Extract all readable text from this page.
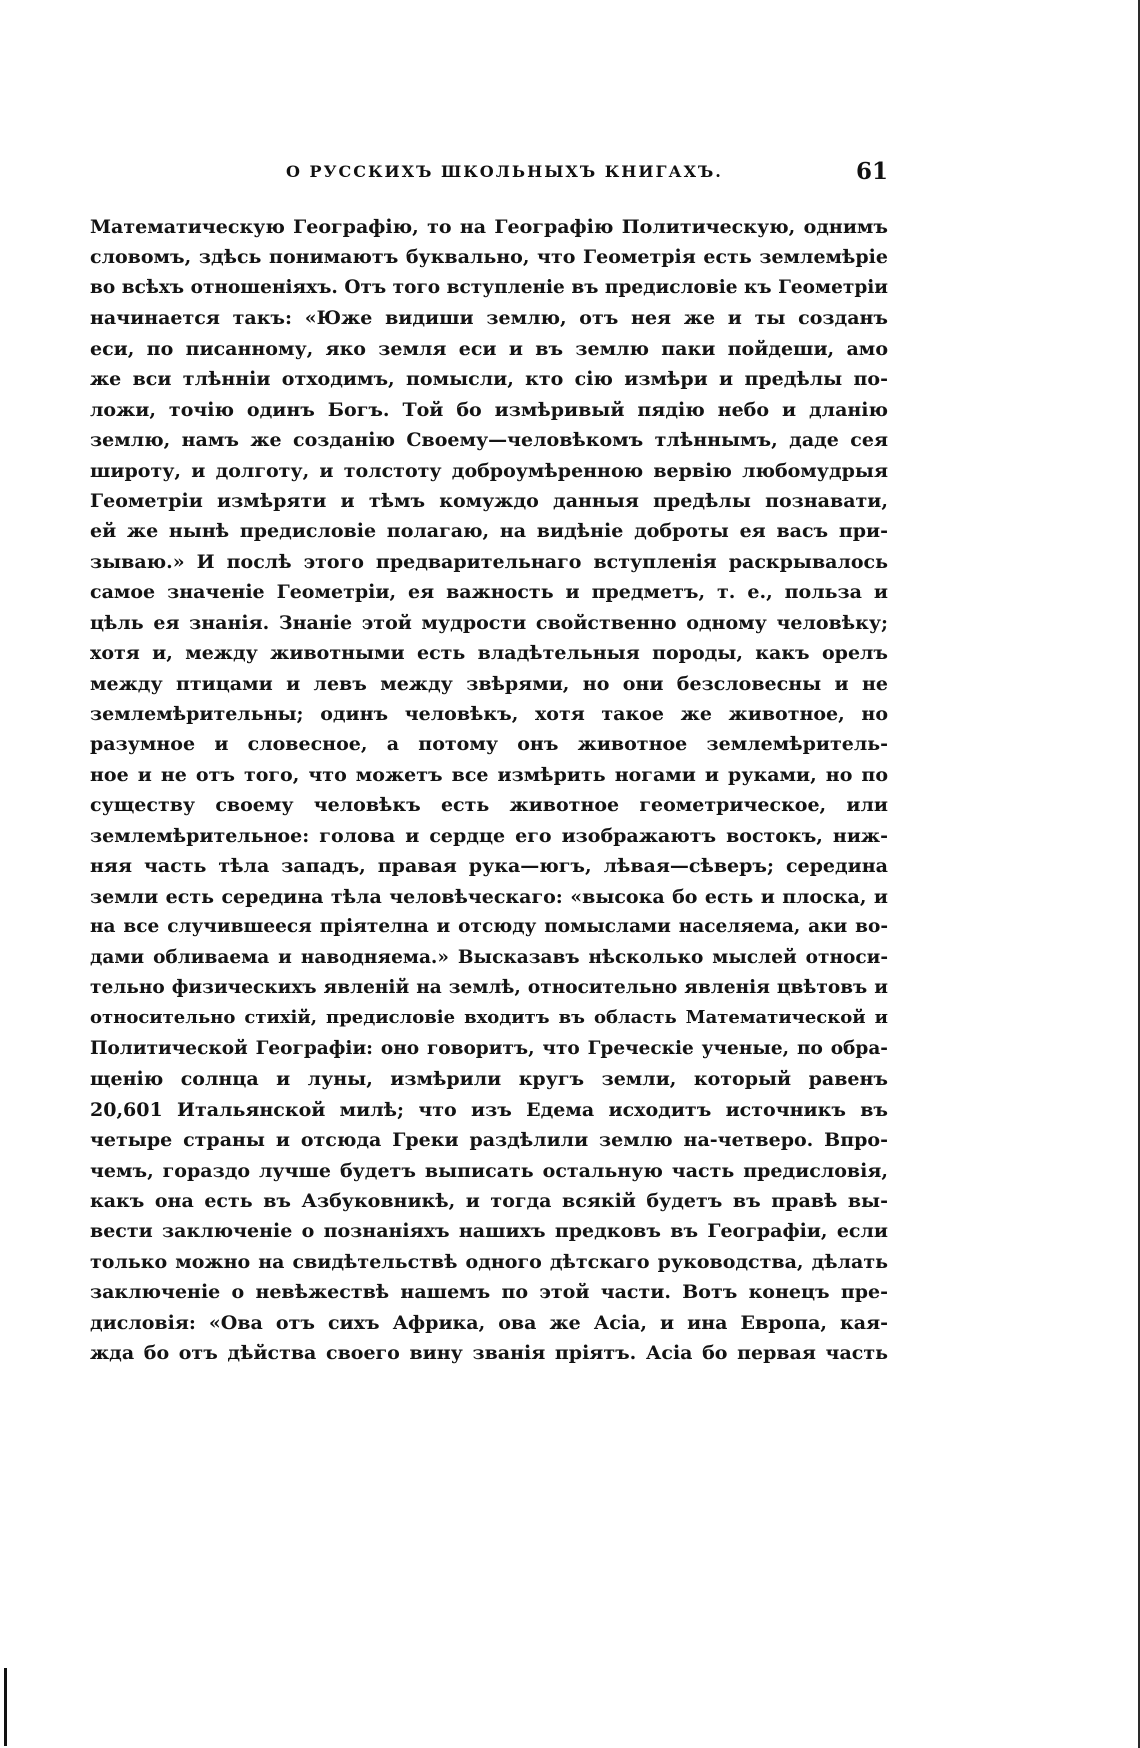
О РУССКИХЪ ШКОЛЬНЫХЪ КНИГАХЪ.	61
Математическую Географію, то на Географію Политическую, однимъ
словомъ, здѣсь понимаютъ буквально, что Геометрія есть землемѣріе
во всѣхъ отношеніяхъ. Отъ того вступленіе въ предисловіе къ Геометріи
начинается такъ: «Юже видиши землю, отъ нея же и ты созданъ
еси, по писанному, яко земля еси и въ землю паки пойдеши, амо
же вси тлѣнніи отходимъ, помысли, кто сію измѣри и предѣлы по-
ложи, точію одинъ Богъ. Той бо измѣривый пядію небо и дланію
землю, намъ же созданію Своему—человѣкомъ тлѣннымъ, даде сея
широту, и долготу, и толстоту доброумѣренною вервію любомудрыя
Геометріи измѣряти и тѣмъ комуждо данныя предѣлы познавати,
ей же нынѣ предисловіе полагаю, на видѣніе доброты ея васъ при-
зываю.» И послѣ этого предварительнаго вступленія раскрывалось
самое значеніе Геометріи, ея важность и предметъ, т. е., польза и
цѣль ея знанія. Знаніе этой мудрости свойственно одному человѣку;
хотя и, между животными есть владѣтельныя породы, какъ орелъ
между птицами и левъ между звѣрями, но они безсловесны и не
землемѣрительны; одинъ человѣкъ, хотя такое же животное, но
разумное и словесное, а потому онъ животное землемѣритель-
ное и не отъ того, что можетъ все измѣрить ногами и руками, но по
существу своему человѣкъ есть животное геометрическое, или
землемѣрительное: голова и сердце его изображаютъ востокъ, ниж-
няя часть тѣла западъ, правая рука—югъ, лѣвая—сѣверъ; середина
земли есть середина тѣла человѣческаго: «высока бо есть и плоска, и
на все случившееся пріятелна и отсюду помыслами населяема, аки во-
дами обливаема и наводняема.» Высказавъ нѣсколько мыслей относи-
тельно физическихъ явленій на землѣ, относительно явленія цвѣтовъ и
относительно стихій, предисловіе входитъ въ область Математической и
Политической Географіи: оно говоритъ, что Греческіе ученые, по обра-
щенію солнца и луны, измѣрили кругъ земли, который равенъ
20,601 Итальянской милѣ; что изъ Едема исходитъ источникъ въ
четыре страны и отсюда Греки раздѣлили землю на-четверо. Впро-
чемъ, гораздо лучше будетъ выписать остальную часть предисловія,
какъ она есть въ Азбуковникѣ, и тогда всякій будетъ въ правѣ вы-
вести заключеніе о познаніяхъ нашихъ предковъ въ Географіи, если
только можно на свидѣтельствѣ одного дѣтскаго руководства, дѣлать
заключеніе о невѣжествѣ нашемъ по этой части. Вотъ конецъ пре-
дисловія: «Ова отъ сихъ Африка, ова же Асіа, и ина Европа, кая-
жда бо отъ дѣйства своего вину званія пріятъ. Асіа бо первая часть
